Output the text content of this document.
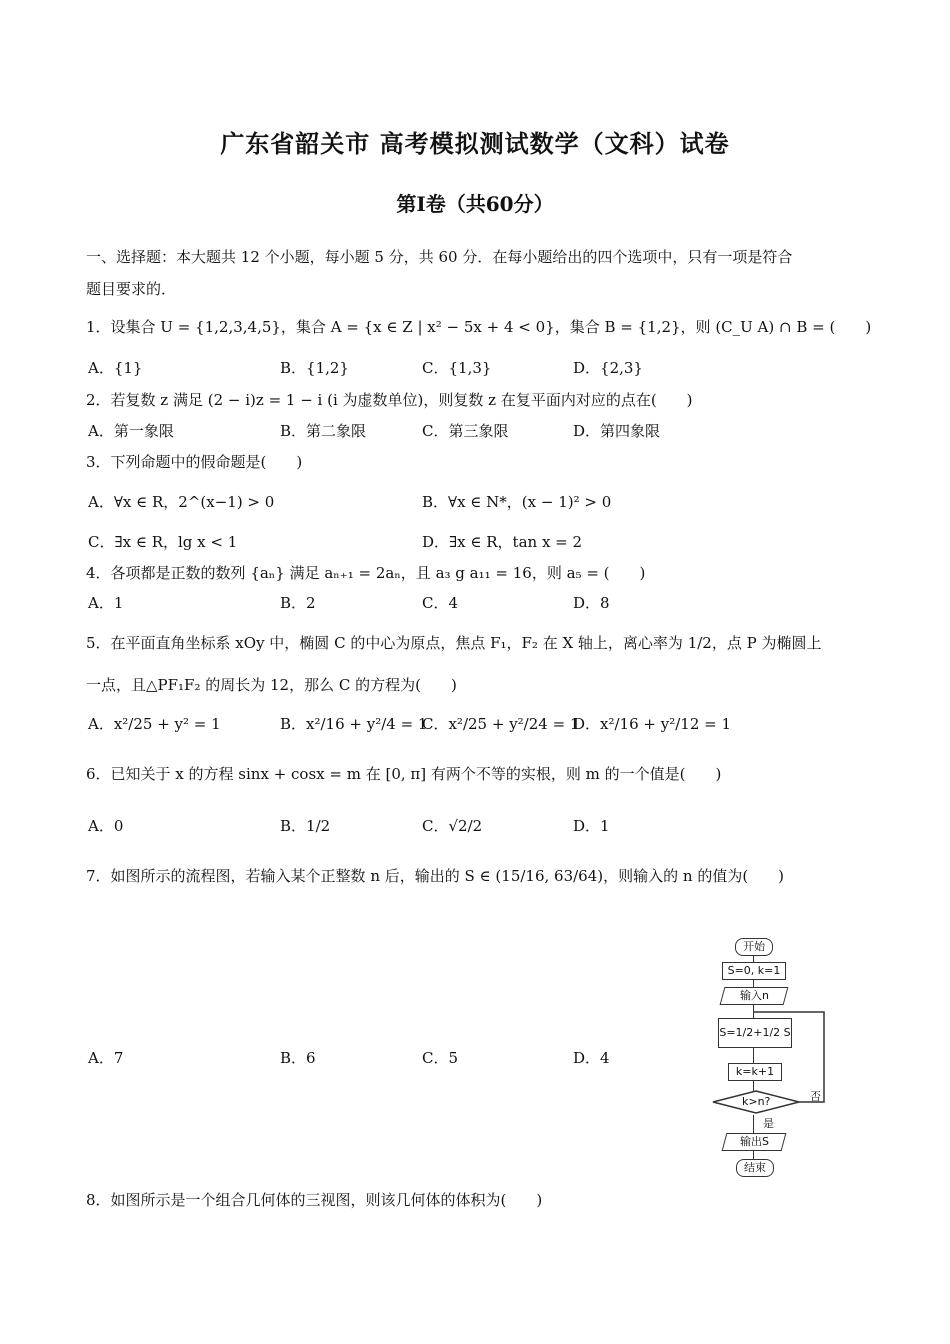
广东省韶关市 高考模拟测试数学（文科）试卷
第Ⅰ卷（共60分）
一、选择题：本大题共 12 个小题，每小题 5 分，共 60 分．在每小题给出的四个选项中，只有一项是符合
题目要求的．
1．设集合 U = {1,2,3,4,5}，集合 A = {x ∈ Z | x² − 5x + 4 < 0}，集合 B = {1,2}，则 (C_U A) ∩ B = (　　)
A．{1}	B．{1,2}	C．{1,3}	D．{2,3}
2．若复数 z 满足 (2 − i)z = 1 − i (i 为虚数单位)，则复数 z 在复平面内对应的点在(　　)
A．第一象限	B．第二象限	C．第三象限	D．第四象限
3．下列命题中的假命题是(　　)
A．∀x ∈ R，2^(x−1) > 0	B．∀x ∈ N*，(x − 1)² > 0
C．∃x ∈ R，lg x < 1	D．∃x ∈ R，tan x = 2
4．各项都是正数的数列 {aₙ} 满足 aₙ₊₁ = 2aₙ，且 a₃ g a₁₁ = 16，则 a₅ = (　　)
A．1	B．2	C．4	D．8
5．在平面直角坐标系 xOy 中，椭圆 C 的中心为原点，焦点 F₁，F₂ 在 X 轴上，离心率为 1/2，点 P 为椭圆上
一点，且△PF₁F₂ 的周长为 12，那么 C 的方程为(　　)
A．x²/25 + y² = 1	B．x²/16 + y²/4 = 1
C．x²/25 + y²/24 = 1
D．x²/16 + y²/12 = 1
6．已知关于 x 的方程 sinx + cosx = m 在 [0, π] 有两个不等的实根，则 m 的一个值是(　　)
A．0	B．1/2	C．√2/2	D．1
7．如图所示的流程图，若输入某个正整数 n 后，输出的 S ∈ (15/16, 63/64)，则输入的 n 的值为(　　)
A．7	B．6	C．5	D．4
开始
S=0, k=1
输入n
S=1/2+1/2 S
k=k+1
k>n?	否
是
输出S
结束
8．如图所示是一个组合几何体的三视图，则该几何体的体积为(　　)
